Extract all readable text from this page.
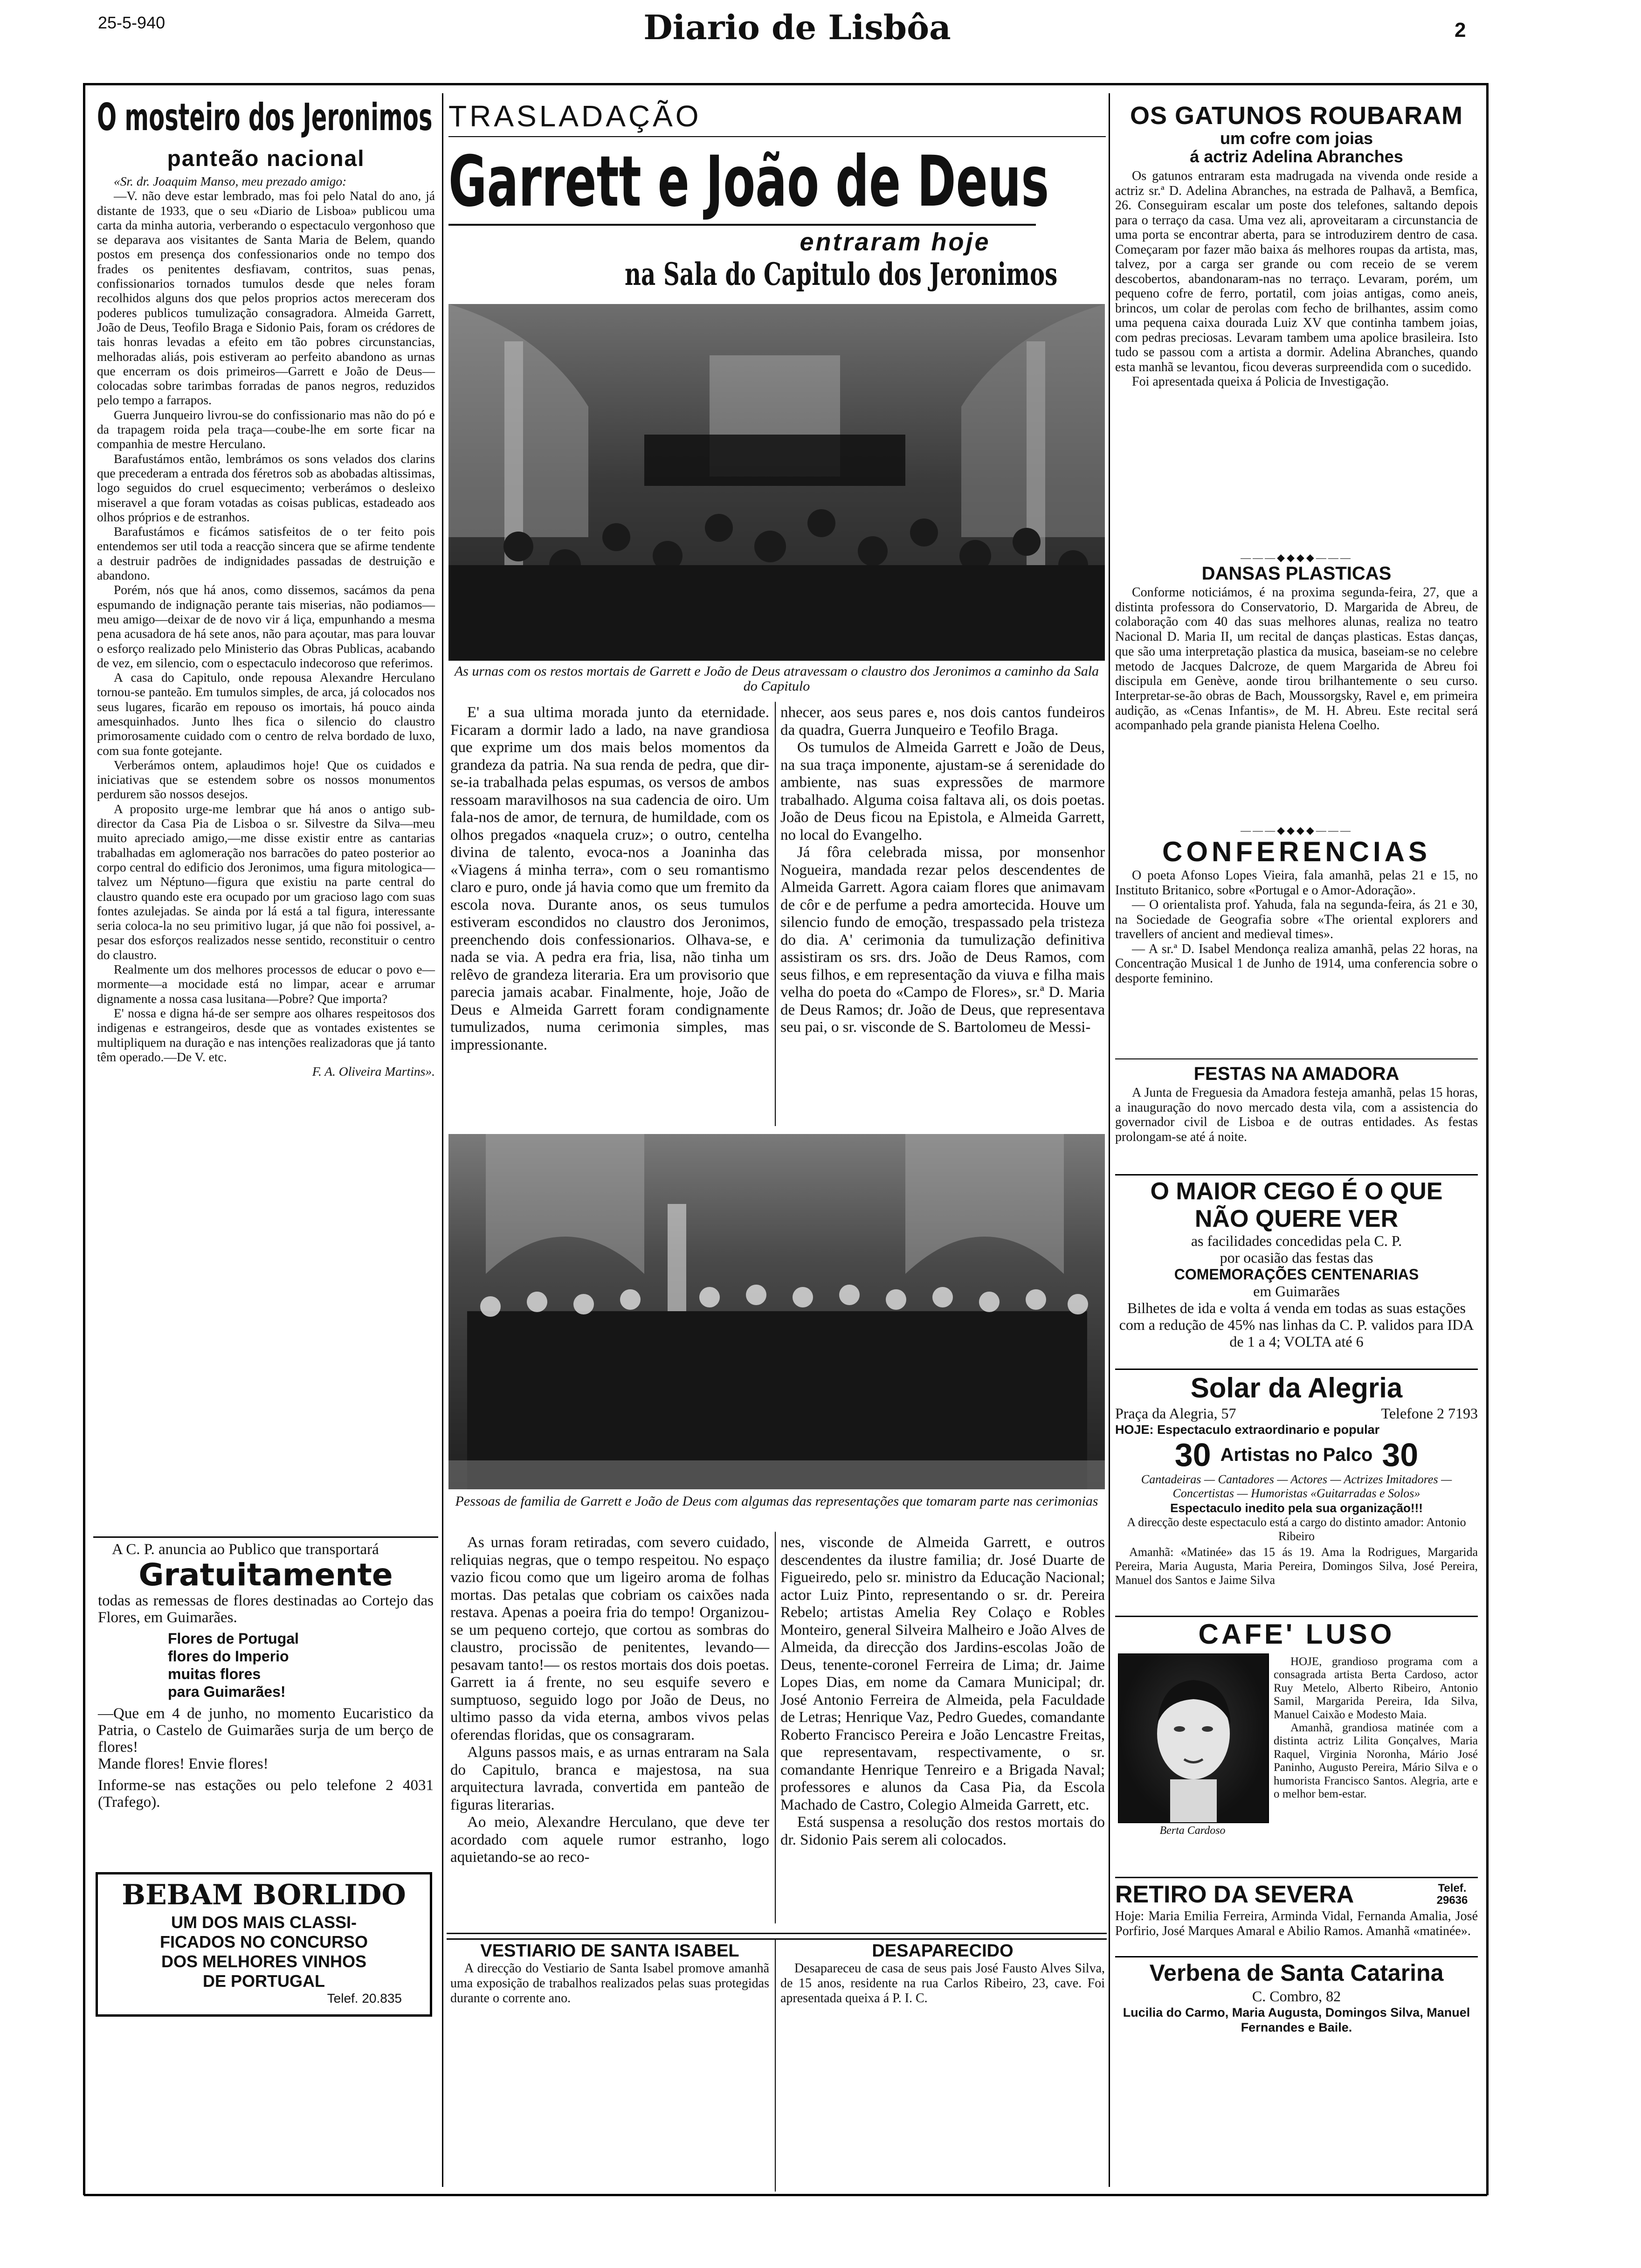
25-5-940	Diario de Lisbôa	2
O mosteiro dos Jeronimos
panteão nacional

«Sr. dr. Joaquim Manso, meu prezado amigo:

—V. não deve estar lembrado, mas foi pelo Natal do ano, já distante de 1933, que o seu «Diario de Lisboa» publicou uma carta da minha autoria, verberando o espectaculo vergonhoso que se deparava aos visitantes de Santa Maria de Belem, quando postos em presença dos confessionarios onde no tempo dos frades os penitentes desfiavam, contritos, suas penas, confissionarios tornados tumulos desde que neles foram recolhidos alguns dos que pelos proprios actos mereceram dos poderes publicos tumulização consagradora. Almeida Garrett, João de Deus, Teofilo Braga e Sidonio Pais, foram os crédores de tais honras levadas a efeito em tão pobres circunstancias, melhoradas aliás, pois estiveram ao perfeito abandono as urnas que encerram os dois primeiros—Garrett e João de Deus—colocadas sobre tarimbas forradas de panos negros, reduzidos pelo tempo a farrapos.

Guerra Junqueiro livrou-se do confissionario mas não do pó e da trapagem roida pela traça—coube-lhe em sorte ficar na companhia de mestre Herculano.

Barafustámos então, lembrámos os sons velados dos clarins que precederam a entrada dos féretros sob as abobadas altissimas, logo seguidos do cruel esquecimento; verberámos o desleixo miseravel a que foram votadas as coisas publicas, estadeado aos olhos próprios e de estranhos.

Barafustámos e ficámos satisfeitos de o ter feito pois entendemos ser util toda a reacção sincera que se afirme tendente a destruir padrões de indignidades passadas de destruição e abandono.

Porém, nós que há anos, como dissemos, sacámos da pena espumando de indignação perante tais miserias, não podiamos—meu amigo—deixar de de novo vir á liça, empunhando a mesma pena acusadora de há sete anos, não para açoutar, mas para louvar o esforço realizado pelo Ministerio das Obras Publicas, acabando de vez, em silencio, com o espectaculo indecoroso que referimos.

A casa do Capitulo, onde repousa Alexandre Herculano tornou-se panteão. Em tumulos simples, de arca, já colocados nos seus lugares, ficarão em repouso os imortais, há pouco ainda amesquinhados. Junto lhes fica o silencio do claustro primorosamente cuidado com o centro de relva bordado de luxo, com sua fonte gotejante.

Verberámos ontem, aplaudimos hoje! Que os cuidados e iniciativas que se estendem sobre os nossos monumentos perdurem são nossos desejos.

A proposito urge-me lembrar que há anos o antigo sub-director da Casa Pia de Lisboa o sr. Silvestre da Silva—meu muito apreciado amigo,—me disse existir entre as cantarias trabalhadas em aglomeração nos barracões do pateo posterior ao corpo central do edificio dos Jeronimos, uma figura mitologica—talvez um Néptuno—figura que existiu na parte central do claustro quando este era ocupado por um gracioso lago com suas fontes azulejadas. Se ainda por lá está a tal figura, interessante seria coloca-la no seu primitivo lugar, já que não foi possivel, a-pesar dos esforços realizados nesse sentido, reconstituir o centro do claustro.

Realmente um dos melhores processos de educar o povo e—mormente—a mocidade está no limpar, acear e arrumar dignamente a nossa casa lusitana—Pobre? Que importa?

E' nossa e digna há-de ser sempre aos olhares respeitosos dos indigenas e estrangeiros, desde que as vontades existentes se multipliquem na duração e nas intenções realizadoras que já tanto têm operado.—De V. etc.

F. A. Oliveira Martins».

A C. P. anuncia ao Publico que transportará
Gratuitamente
todas as remessas de flores destinadas ao Cortejo das Flores, em Guimarães.
Flores de Portugal
flores do Imperio
muitas flores
para Guimarães!
—Que em 4 de junho, no momento Eucaristico da Patria, o Castelo de Guimarães surja de um berço de flores!
Mande flores! Envie flores!
Informe-se nas estações ou pelo telefone 2 4031 (Trafego).
BEBAM BORLIDO
UM DOS MAIS CLASSI-
FICADOS NO CONCURSO
DOS MELHORES VINHOS
DE PORTUGAL
Telef. 20.835
TRASLADAÇÃO
Garrett e João de Deus
entraram hoje
na Sala do Capitulo dos Jeronimos
As urnas com os restos mortais de Garrett e João de Deus atravessam o claustro dos Jeronimos a caminho da Sala do Capitulo

E' a sua ultima morada junto da eternidade. Ficaram a dormir lado a lado, na nave grandiosa que exprime um dos mais belos momentos da grandeza da patria. Na sua renda de pedra, que dir-se-ia trabalhada pelas espumas, os versos de ambos ressoam maravilhosos na sua cadencia de oiro. Um fala-nos de amor, de ternura, de humildade, com os olhos pregados «naquela cruz»; o outro, centelha divina de talento, evoca-nos a Joaninha das «Viagens á minha terra», com o seu romantismo claro e puro, onde já havia como que um fremito da escola nova. Durante anos, os seus tumulos estiveram escondidos no claustro dos Jeronimos, preenchendo dois confessionarios. Olhava-se, e nada se via. A pedra era fria, lisa, não tinha um relêvo de grandeza literaria. Era um provisorio que parecia jamais acabar. Finalmente, hoje, João de Deus e Almeida Garrett foram condignamente tumulizados, numa cerimonia simples, mas impressionante.

nhecer, aos seus pares e, nos dois cantos fundeiros da quadra, Guerra Junqueiro e Teofilo Braga.

Os tumulos de Almeida Garrett e João de Deus, na sua traça imponente, ajustam-se á serenidade do ambiente, nas suas expressões de marmore trabalhado. Alguma coisa faltava ali, os dois poetas. João de Deus ficou na Epistola, e Almeida Garrett, no local do Evangelho.

Já fôra celebrada missa, por monsenhor Nogueira, mandada rezar pelos descendentes de Almeida Garrett. Agora caiam flores que animavam de côr e de perfume a pedra amortecida. Houve um silencio fundo de emoção, trespassado pela tristeza do dia. A' cerimonia da tumulização definitiva assistiram os srs. drs. João de Deus Ramos, com seus filhos, e em representação da viuva e filha mais velha do poeta do «Campo de Flores», sr.ª D. Maria de Deus Ramos; dr. João de Deus, que representava seu pai, o sr. visconde de S. Bartolomeu de Messi-

Pessoas de familia de Garrett e João de Deus com algumas das representações que tomaram parte nas cerimonias

As urnas foram retiradas, com severo cuidado, reliquias negras, que o tempo respeitou. No espaço vazio ficou como que um ligeiro aroma de folhas mortas. Das petalas que cobriam os caixões nada restava. Apenas a poeira fria do tempo! Organizou-se um pequeno cortejo, que cortou as sombras do claustro, procissão de penitentes, levando—pesavam tanto!— os restos mortais dos dois poetas. Garrett ia á frente, no seu esquife severo e sumptuoso, seguido logo por João de Deus, no ultimo passo da vida eterna, ambos vivos pelas oferendas floridas, que os consagraram.

Alguns passos mais, e as urnas entraram na Sala do Capitulo, branca e majestosa, na sua arquitectura lavrada, convertida em panteão de figuras literarias.

Ao meio, Alexandre Herculano, que deve ter acordado com aquele rumor estranho, logo aquietando-se ao reco-

nes, visconde de Almeida Garrett, e outros descendentes da ilustre familia; dr. José Duarte de Figueiredo, pelo sr. ministro da Educação Nacional; actor Luiz Pinto, representando o sr. dr. Pereira Rebelo; artistas Amelia Rey Colaço e Robles Monteiro, general Silveira Malheiro e João Alves de Almeida, da direcção dos Jardins-escolas João de Deus, tenente-coronel Ferreira de Lima; dr. Jaime Lopes Dias, em nome da Camara Municipal; dr. José Antonio Ferreira de Almeida, pela Faculdade de Letras; Henrique Vaz, Pedro Guedes, comandante Roberto Francisco Pereira e João Lencastre Freitas, que representavam, respectivamente, o sr. comandante Henrique Tenreiro e a Brigada Naval; professores e alunos da Casa Pia, da Escola Machado de Castro, Colegio Almeida Garrett, etc.

Está suspensa a resolução dos restos mortais do dr. Sidonio Pais serem ali colocados.

VESTIARIO DE SANTA ISABEL
A direcção do Vestiario de Santa Isabel promove amanhã uma exposição de trabalhos realizados pelas suas protegidas durante o corrente ano.
DESAPARECIDO
Desapareceu de casa de seus pais José Fausto Alves Silva, de 15 anos, residente na rua Carlos Ribeiro, 23, cave. Foi apresentada queixa á P. I. C.
OS GATUNOS ROUBARAM
um cofre com joias
á actriz Adelina Abranches

Os gatunos entraram esta madrugada na vivenda onde reside a actriz sr.ª D. Adelina Abranches, na estrada de Palhavã, a Bemfica, 26. Conseguiram escalar um poste dos telefones, saltando depois para o terraço da casa. Uma vez ali, aproveitaram a circunstancia de uma porta se encontrar aberta, para se introduzirem dentro de casa. Começaram por fazer mão baixa ás melhores roupas da artista, mas, talvez, por a carga ser grande ou com receio de se verem descobertos, abandonaram-nas no terraço. Levaram, porém, um pequeno cofre de ferro, portatil, com joias antigas, como aneis, brincos, um colar de perolas com fecho de brilhantes, assim como uma pequena caixa dourada Luiz XV que continha tambem joias, com pedras preciosas. Levaram tambem uma apolice brasileira. Isto tudo se passou com a artista a dormir. Adelina Abranches, quando esta manhã se levantou, ficou deveras surpreendida com o sucedido.

Foi apresentada queixa á Policia de Investigação.

———◆◆◆◆———
DANSAS PLASTICAS
Conforme noticiámos, é na proxima segunda-feira, 27, que a distinta professora do Conservatorio, D. Margarida de Abreu, de colaboração com 40 das suas melhores alunas, realiza no teatro Nacional D. Maria II, um recital de danças plasticas. Estas danças, que são uma interpretação plastica da musica, baseiam-se no celebre metodo de Jacques Dalcroze, de quem Margarida de Abreu foi discipula em Genève, aonde tirou brilhantemente o seu curso. Interpretar-se-ão obras de Bach, Moussorgsky, Ravel e, em primeira audição, as «Cenas Infantis», de M. H. Abreu. Este recital será acompanhado pela grande pianista Helena Coelho.
———◆◆◆◆———
CONFERENCIAS

O poeta Afonso Lopes Vieira, fala amanhã, pelas 21 e 15, no Instituto Britanico, sobre «Portugal e o Amor-Adoração».

— O orientalista prof. Yahuda, fala na segunda-feira, ás 21 e 30, na Sociedade de Geografia sobre «The oriental explorers and travellers of ancient and medieval times».

— A sr.ª D. Isabel Mendonça realiza amanhã, pelas 22 horas, na Concentração Musical 1 de Junho de 1914, uma conferencia sobre o desporte feminino.

FESTAS NA AMADORA
A Junta de Freguesia da Amadora festeja amanhã, pelas 15 horas, a inauguração do novo mercado desta vila, com a assistencia do governador civil de Lisboa e de outras entidades. As festas prolongam-se até á noite.
O MAIOR CEGO É O QUE
NÃO QUERE VER
as facilidades concedidas pela C. P.
por ocasião das festas das
COMEMORAÇÕES CENTENARIAS
em Guimarães
Bilhetes de ida e volta á venda em todas as suas estações com a redução de 45% nas linhas da C. P. validos para IDA de 1 a 4; VOLTA até 6
Solar da Alegria
Praça da Alegria, 57	Telefone 2 7193
HOJE: Espectaculo extraordinario e popular
30 Artistas no Palco 30
Cantadeiras — Cantadores — Actores — Actrizes Imitadores — Concertistas — Humoristas «Guitarradas e Solos»
Espectaculo inedito pela sua organização!!!
A direcção deste espectaculo está a cargo do distinto amador: Antonio Ribeiro
Amanhã: «Matinée» das 15 ás 19. Ama la Rodrigues, Margarida Pereira, Maria Augusta, Maria Pereira, Domingos Silva, José Pereira, Manuel dos Santos e Jaime Silva
CAFE' LUSO
Berta Cardoso

HOJE, grandioso programa com a consagrada artista Berta Cardoso, actor Ruy Metelo, Alberto Ribeiro, Antonio Samil, Margarida Pereira, Ida Silva, Manuel Caixão e Modesto Maia.

Amanhã, grandiosa matinée com a distinta actriz Lilita Gonçalves, Maria Raquel, Virginia Noronha, Mário José Paninho, Augusto Pereira, Mário Silva e o humorista Francisco Santos. Alegria, arte e o melhor bem-estar.

RETIRO DA SEVERA	Telef. 29636
Hoje: Maria Emilia Ferreira, Arminda Vidal, Fernanda Amalia, José Porfirio, José Marques Amaral e Abilio Ramos. Amanhã «matinée».
Verbena de Santa Catarina
C. Combro, 82
Lucilia do Carmo, Maria Augusta, Domingos Silva, Manuel Fernandes e Baile.
